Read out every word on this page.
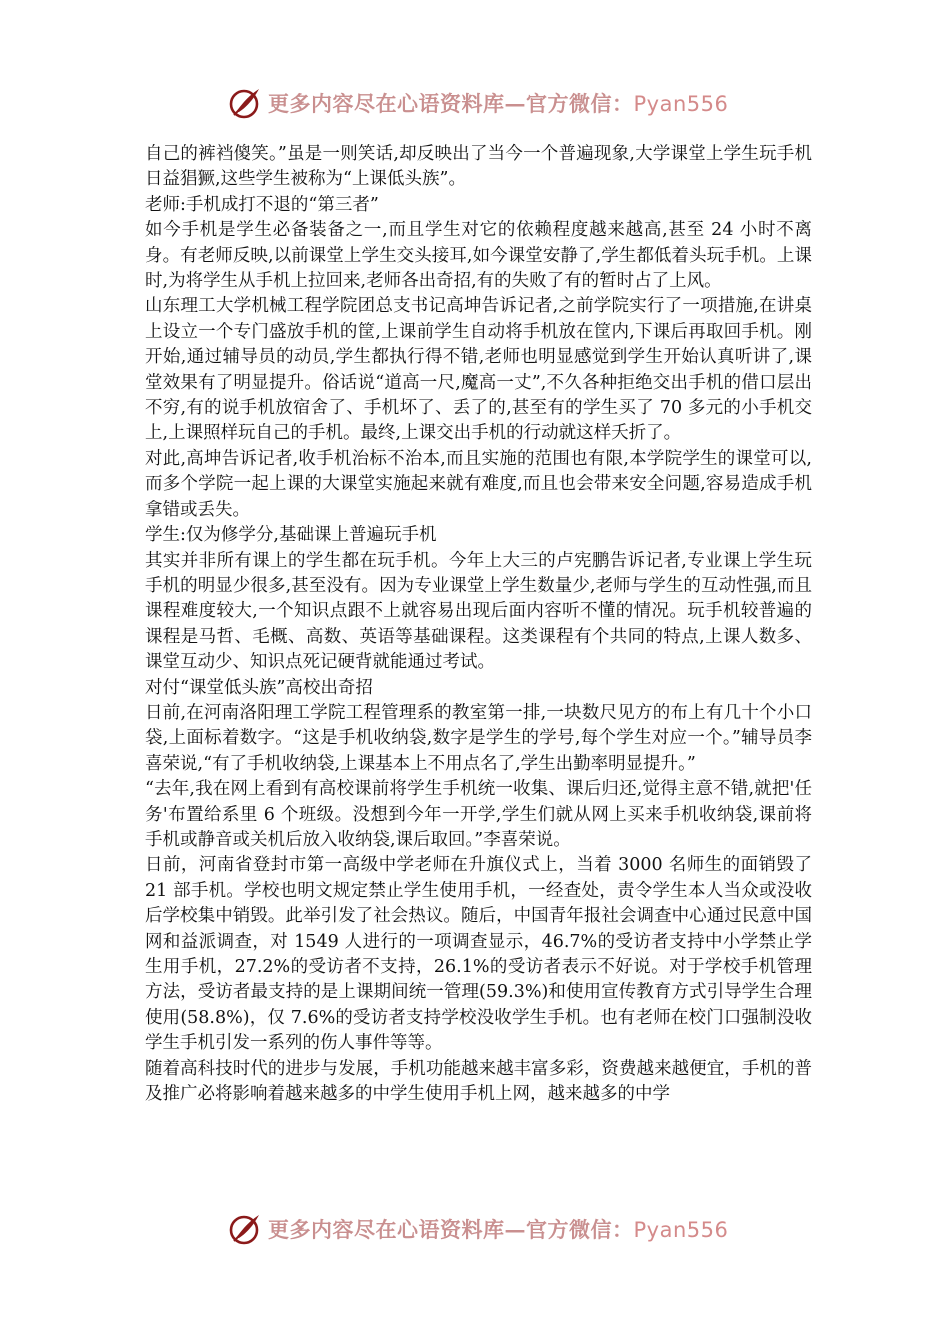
更多内容尽在心语资料库—官方微信：Pyan556

自己的裤裆傻笑。”虽是一则笑话,却反映出了当今一个普遍现象,大学课堂上学生玩手机日益猖獗,这些学生被称为“上课低头族”。

老师:手机成打不退的“第三者”

如今手机是学生必备装备之一,而且学生对它的依赖程度越来越高,甚至 24 小时不离身。有老师反映,以前课堂上学生交头接耳,如今课堂安静了,学生都低着头玩手机。上课时,为将学生从手机上拉回来,老师各出奇招,有的失败了有的暂时占了上风。

山东理工大学机械工程学院团总支书记高坤告诉记者,之前学院实行了一项措施,在讲桌上设立一个专门盛放手机的筐,上课前学生自动将手机放在筐内,下课后再取回手机。刚开始,通过辅导员的动员,学生都执行得不错,老师也明显感觉到学生开始认真听讲了,课堂效果有了明显提升。俗话说“道高一尺,魔高一丈”,不久各种拒绝交出手机的借口层出不穷,有的说手机放宿舍了、手机坏了、丢了的,甚至有的学生买了 70 多元的小手机交上,上课照样玩自己的手机。最终,上课交出手机的行动就这样夭折了。

对此,高坤告诉记者,收手机治标不治本,而且实施的范围也有限,本学院学生的课堂可以,而多个学院一起上课的大课堂实施起来就有难度,而且也会带来安全问题,容易造成手机拿错或丢失。

学生:仅为修学分,基础课上普遍玩手机

其实并非所有课上的学生都在玩手机。今年上大三的卢宪鹏告诉记者,专业课上学生玩手机的明显少很多,甚至没有。因为专业课堂上学生数量少,老师与学生的互动性强,而且课程难度较大,一个知识点跟不上就容易出现后面内容听不懂的情况。玩手机较普遍的课程是马哲、毛概、高数、英语等基础课程。这类课程有个共同的特点,上课人数多、课堂互动少、知识点死记硬背就能通过考试。

对付“课堂低头族”高校出奇招

日前,在河南洛阳理工学院工程管理系的教室第一排,一块数尺见方的布上有几十个小口袋,上面标着数字。“这是手机收纳袋,数字是学生的学号,每个学生对应一个。”辅导员李喜荣说,“有了手机收纳袋,上课基本上不用点名了,学生出勤率明显提升。”

“去年,我在网上看到有高校课前将学生手机统一收集、课后归还,觉得主意不错,就把'任务'布置给系里 6 个班级。没想到今年一开学,学生们就从网上买来手机收纳袋,课前将手机或静音或关机后放入收纳袋,课后取回。”李喜荣说。

日前，河南省登封市第一高级中学老师在升旗仪式上，当着 3000 名师生的面销毁了 21 部手机。学校也明文规定禁止学生使用手机，一经查处，责令学生本人当众或没收后学校集中销毁。此举引发了社会热议。随后，中国青年报社会调查中心通过民意中国网和益派调查，对 1549 人进行的一项调查显示，46.7%的受访者支持中小学禁止学生用手机，27.2%的受访者不支持，26.1%的受访者表示不好说。对于学校手机管理方法，受访者最支持的是上课期间统一管理(59.3%)和使用宣传教育方式引导学生合理使用(58.8%)，仅 7.6%的受访者支持学校没收学生手机。也有老师在校门口强制没收学生手机引发一系列的伤人事件等等。

随着高科技时代的进步与发展，手机功能越来越丰富多彩，资费越来越便宜，手机的普及推广必将影响着越来越多的中学生使用手机上网，越来越多的中学

更多内容尽在心语资料库—官方微信：Pyan556
